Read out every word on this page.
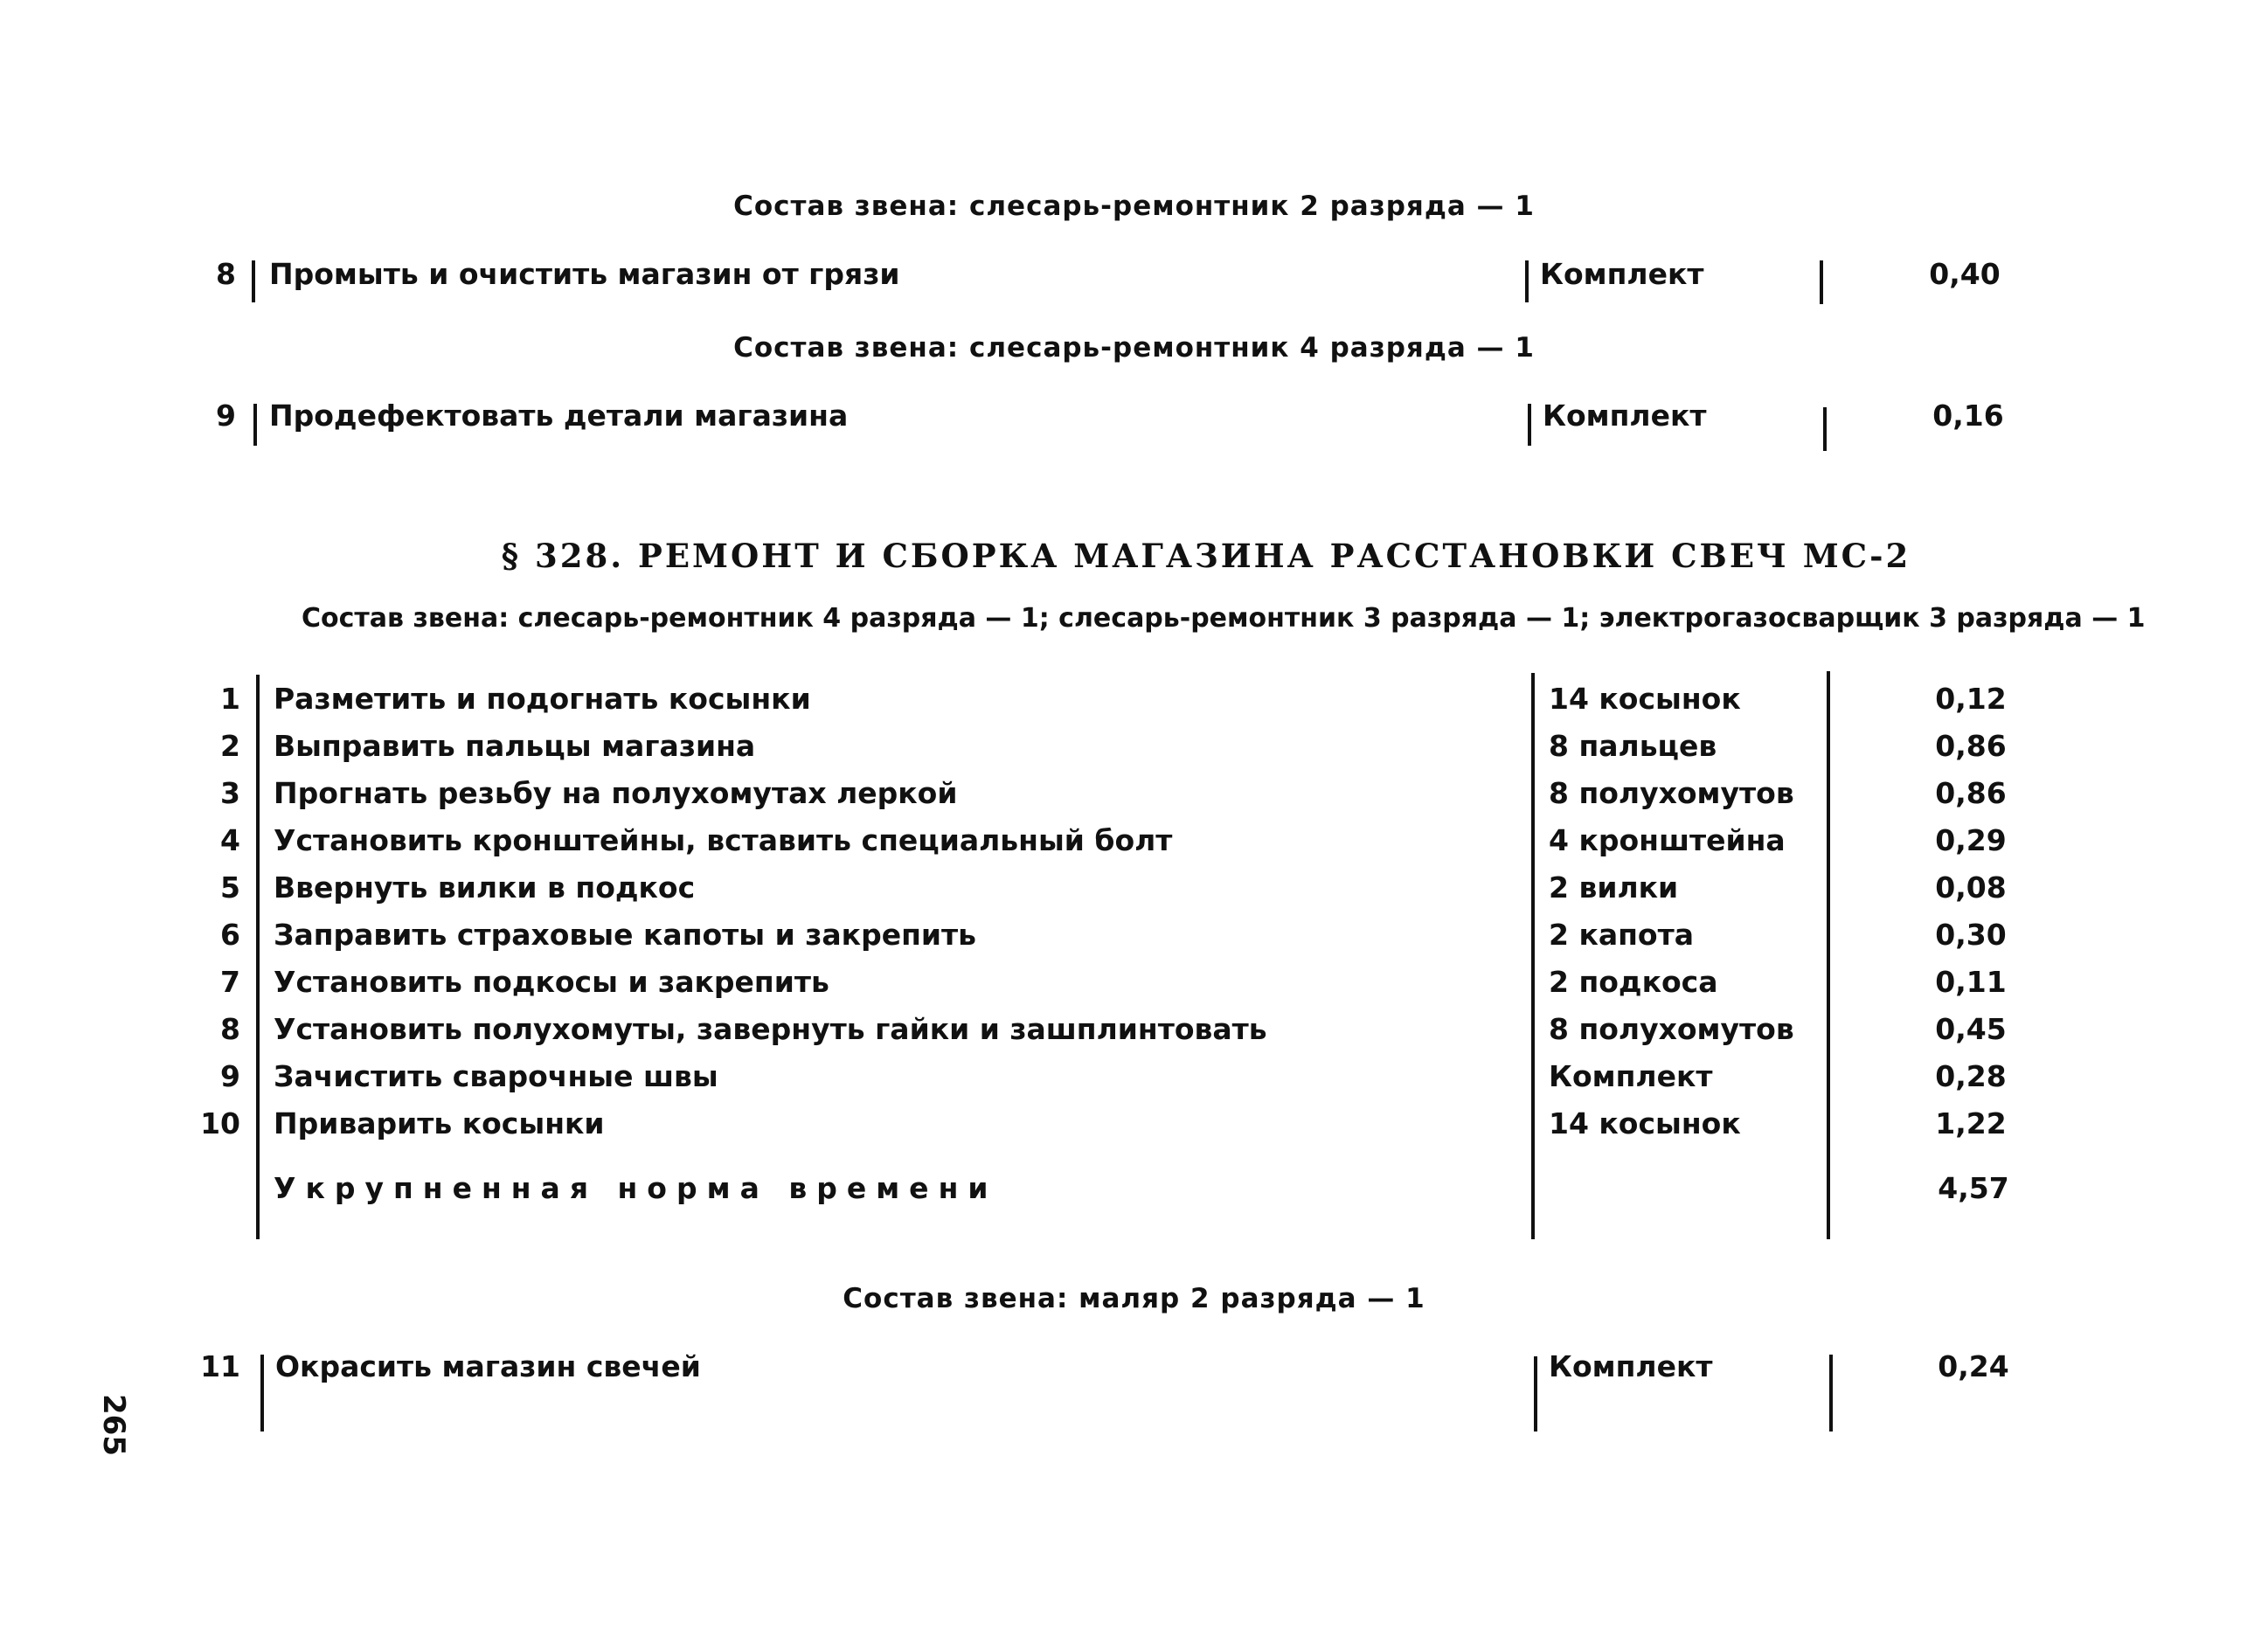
Состав звена: слесарь-ремонтник 2 разряда — 1
8 Промыть и очистить магазин от грязи	Комплект	0,40
Состав звена: слесарь-ремонтник 4 разряда — 1
9 Продефектовать детали магазина	Комплект	0,16
§ 328. РЕМОНТ И СБОРКА МАГАЗИНА РАССТАНОВКИ СВЕЧ МС-2
Состав звена: слесарь-ремонтник 4 разряда — 1; слесарь-ремонтник 3 разряда — 1; электрогазосварщик 3 разряда — 1
1 Разметить и подогнать косынки	14 косынок	0,12
2 Выправить пальцы магазина	8 пальцев	0,86
3 Прогнать резьбу на полухомутах леркой	8 полухомутов	0,86
4 Установить кронштейны, вставить специальный болт	4 кронштейна	0,29
5 Ввернуть вилки в подкос	2 вилки	0,08
6 Заправить страховые капоты и закрепить	2 капота	0,30
7 Установить подкосы и закрепить	2 подкоса	0,11
8 Установить полухомуты, завернуть гайки и зашплинтовать	8 полухомутов	0,45
9 Зачистить сварочные швы	Комплект	0,28
10 Приварить косынки	14 косынок	1,22
Укрупненная норма времени	4,57
Состав звена: маляр 2 разряда — 1
11 Окрасить магазин свечей	Комплект	0,24
265
